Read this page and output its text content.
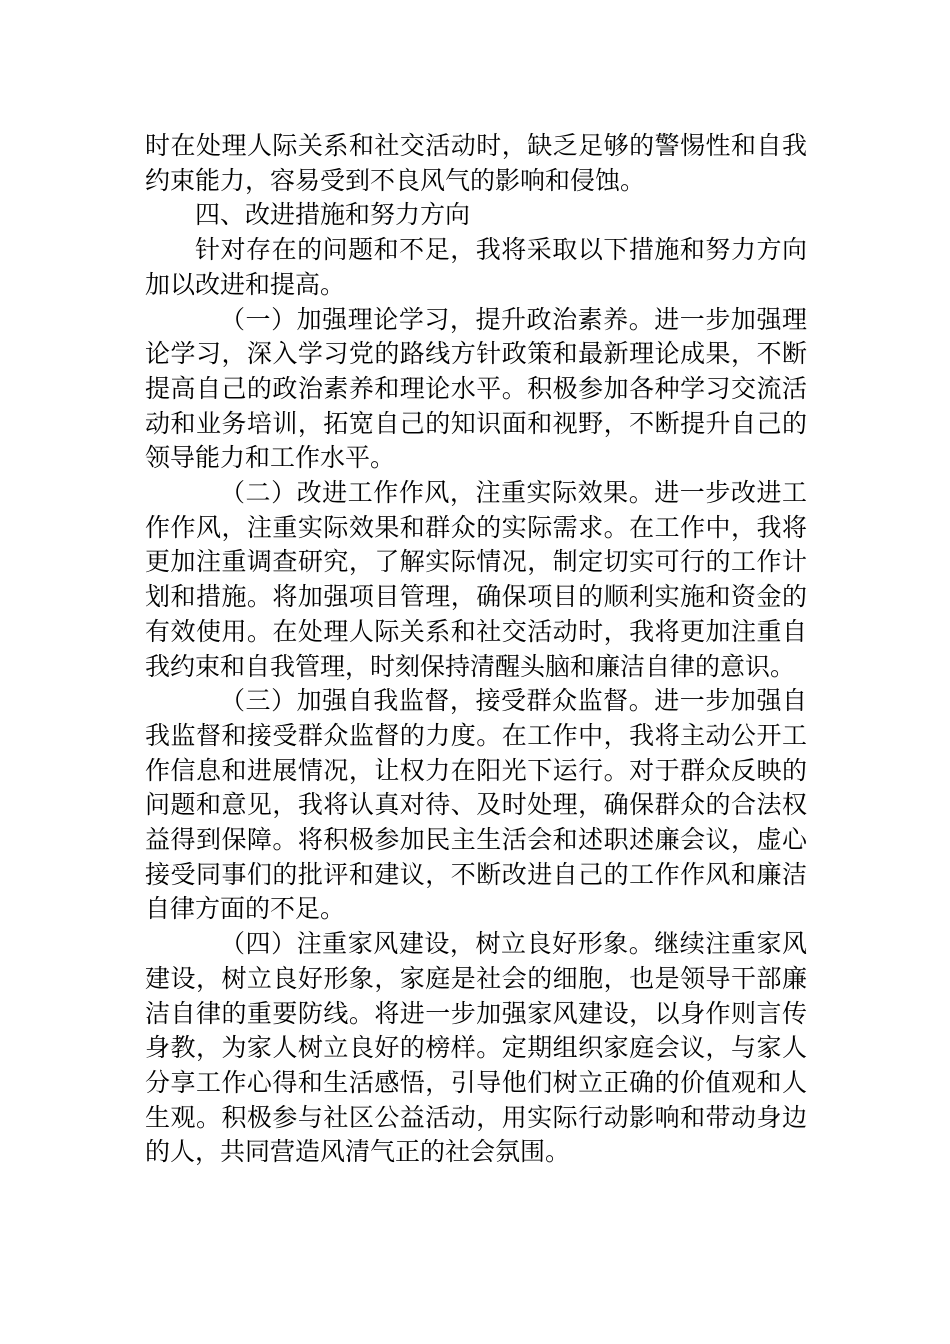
时在处理人际关系和社交活动时，缺乏足够的警惕性和自我约束能力，容易受到不良风气的影响和侵蚀。

四、改进措施和努力方向

针对存在的问题和不足，我将采取以下措施和努力方向加以改进和提高。

（一）加强理论学习，提升政治素养。进一步加强理论学习，深入学习党的路线方针政策和最新理论成果，不断提高自己的政治素养和理论水平。积极参加各种学习交流活动和业务培训，拓宽自己的知识面和视野，不断提升自己的领导能力和工作水平。

（二）改进工作作风，注重实际效果。进一步改进工作作风，注重实际效果和群众的实际需求。在工作中，我将更加注重调查研究，了解实际情况，制定切实可行的工作计划和措施。将加强项目管理，确保项目的顺利实施和资金的有效使用。在处理人际关系和社交活动时，我将更加注重自我约束和自我管理，时刻保持清醒头脑和廉洁自律的意识。

（三）加强自我监督，接受群众监督。进一步加强自我监督和接受群众监督的力度。在工作中，我将主动公开工作信息和进展情况，让权力在阳光下运行。对于群众反映的问题和意见，我将认真对待、及时处理，确保群众的合法权益得到保障。将积极参加民主生活会和述职述廉会议，虚心接受同事们的批评和建议，不断改进自己的工作作风和廉洁自律方面的不足。

（四）注重家风建设，树立良好形象。继续注重家风建设，树立良好形象，家庭是社会的细胞，也是领导干部廉洁自律的重要防线。将进一步加强家风建设，以身作则言传身教，为家人树立良好的榜样。定期组织家庭会议，与家人分享工作心得和生活感悟，引导他们树立正确的价值观和人生观。积极参与社区公益活动，用实际行动影响和带动身边的人，共同营造风清气正的社会氛围。
